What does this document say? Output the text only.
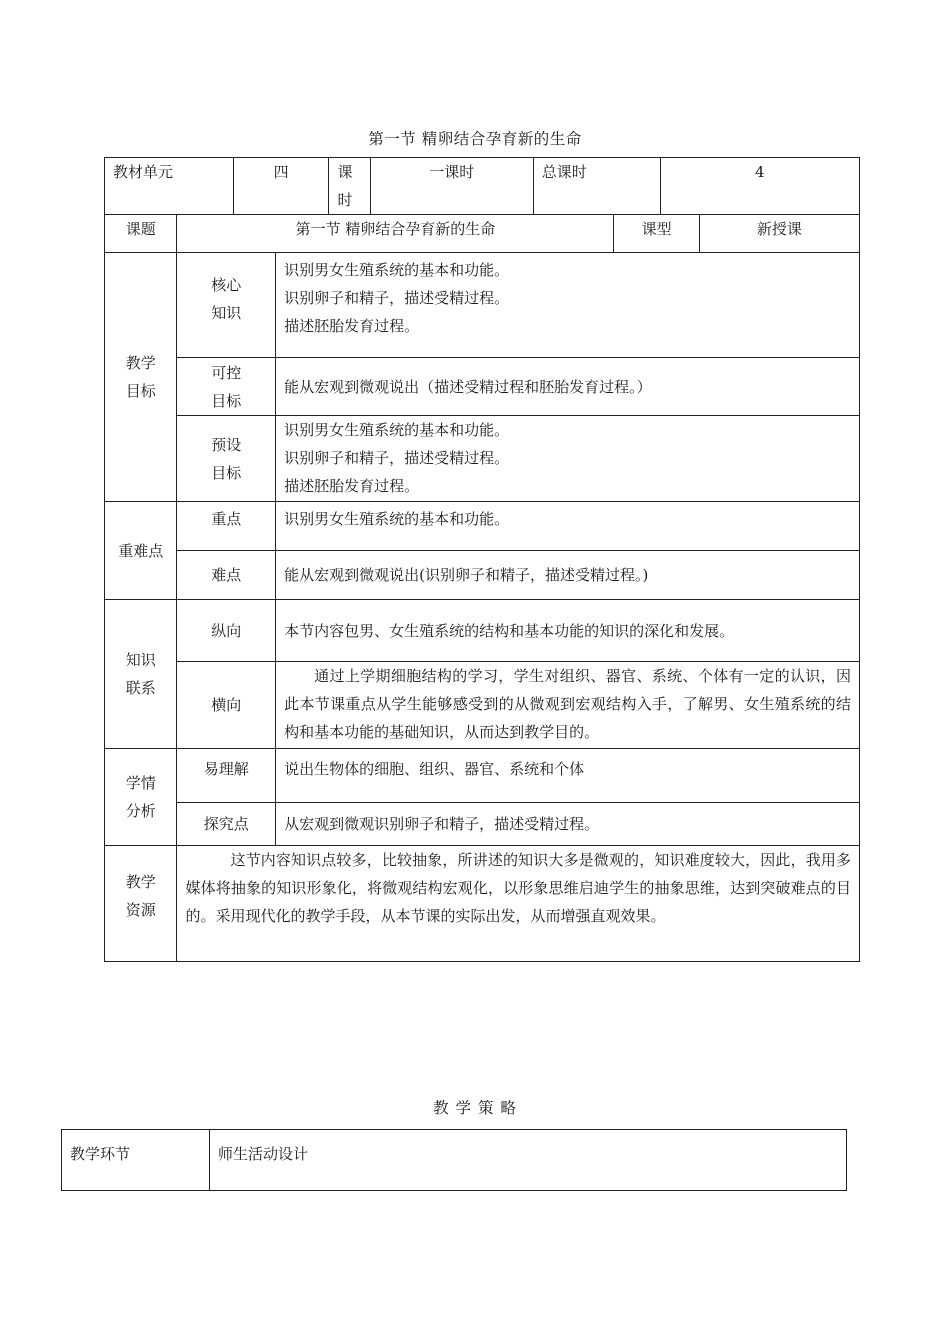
第一节 精卵结合孕育新的生命
教材单元		四		课时	一课时	总课时		4	
课题	第一节 精卵结合孕育新的生命						课型		新授课

教学目标	核心知识		识别男女生殖系统的基本和功能。
识别卵子和精子，描述受精过程。
描述胚胎发育过程。						

	可控目标		能从宏观到微观说出（描述受精过程和胚胎发育过程。）						

	预设目标		识别男女生殖系统的基本和功能。
识别卵子和精子，描述受精过程。
描述胚胎发育过程。						

重难点	重点		识别男女生殖系统的基本和功能。						
	难点		能从宏观到微观说出(识别卵子和精子，描述受精过程。)						

知识联系	纵向		本节内容包男、女生殖系统的结构和基本功能的知识的深化和发展。						
	横向		通过上学期细胞结构的学习，学生对组织、器官、系统、个体有一定的认识，因此本节课重点从学生能够感受到的从微观到宏观结构入手，了解男、女生殖系统的结构和基本功能的基础知识，从而达到教学目的。						

学情分析	易理解		说出生物体的细胞、组织、器官、系统和个体						
	探究点		从宏观到微观识别卵子和精子，描述受精过程。						

教学资源	这节内容知识点较多，比较抽象，所讲述的知识大多是微观的，知识难度较大，因此，我用多媒体将抽象的知识形象化，将微观结构宏观化，以形象思维启迪学生的抽象思维，达到突破难点的目的。采用现代化的教学手段，从本节课的实际出发，从而增强直观效果。								
教 学 策 略
教学环节	师生活动设计
